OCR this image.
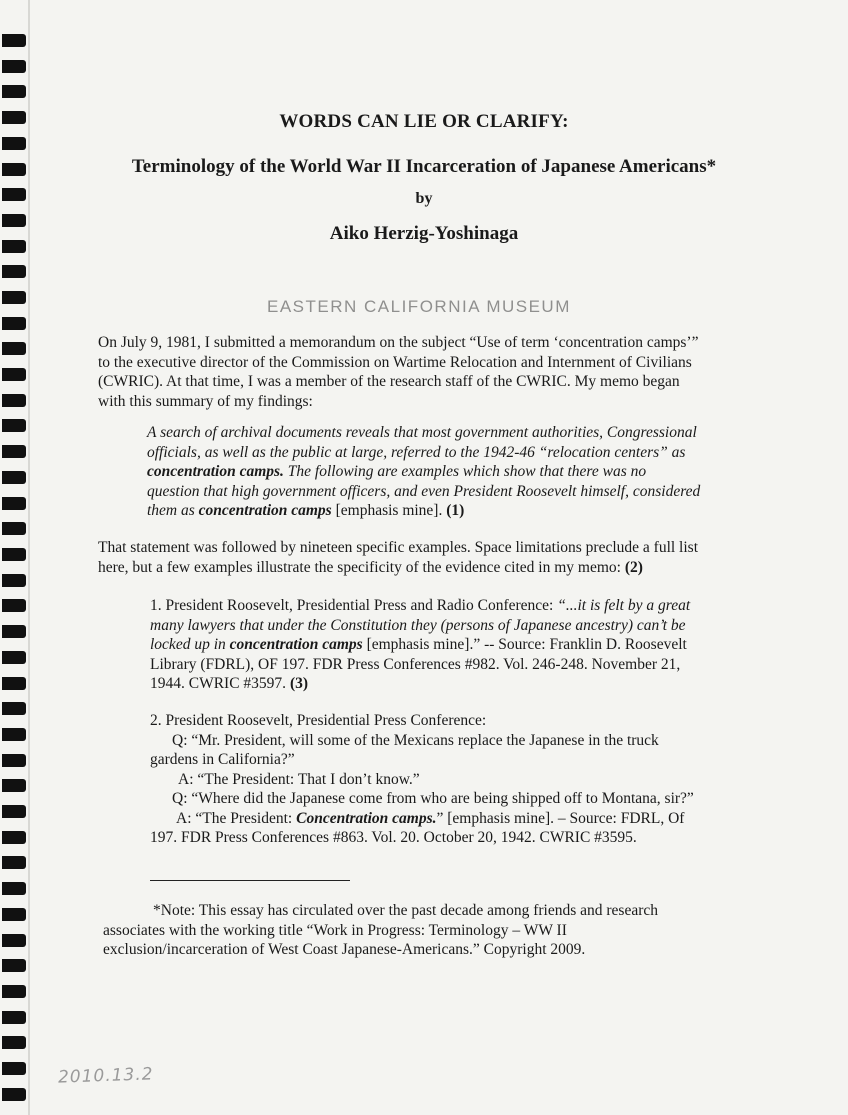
WORDS CAN LIE OR CLARIFY:
Terminology of the World War II Incarceration of Japanese Americans*
by
Aiko Herzig-Yoshinaga
EASTERN CALIFORNIA MUSEUM
On July 9, 1981, I submitted a memorandum on the subject “Use of term ‘concentration camps’”
to the executive director of the Commission on Wartime Relocation and Internment of Civilians
(CWRIC). At that time, I was a member of the research staff of the CWRIC. My memo began
with this summary of my findings:
A search of archival documents reveals that most government authorities, Congressional
officials, as well as the public at large, referred to the 1942-46 “relocation centers” as
concentration camps. The following are examples which show that there was no
question that high government officers, and even President Roosevelt himself, considered
them as concentration camps [emphasis mine]. (1)
That statement was followed by nineteen specific examples. Space limitations preclude a full list
here, but a few examples illustrate the specificity of the evidence cited in my memo: (2)
1. President Roosevelt, Presidential Press and Radio Conference: “...it is felt by a great
many lawyers that under the Constitution they (persons of Japanese ancestry) can’t be
locked up in concentration camps [emphasis mine].” -- Source: Franklin D. Roosevelt
Library (FDRL), OF 197. FDR Press Conferences #982. Vol. 246-248. November 21,
1944. CWRIC #3597. (3)
2. President Roosevelt, Presidential Press Conference:
Q: “Mr. President, will some of the Mexicans replace the Japanese in the truck
gardens in California?”
A: “The President: That I don’t know.”
Q: “Where did the Japanese come from who are being shipped off to Montana, sir?”
A: “The President: Concentration camps.” [emphasis mine]. – Source: FDRL, Of
197. FDR Press Conferences #863. Vol. 20. October 20, 1942. CWRIC #3595.
*Note: This essay has circulated over the past decade among friends and research
associates with the working title “Work in Progress: Terminology – WW II
exclusion/incarceration of West Coast Japanese-Americans.” Copyright 2009.
2010.13.2
